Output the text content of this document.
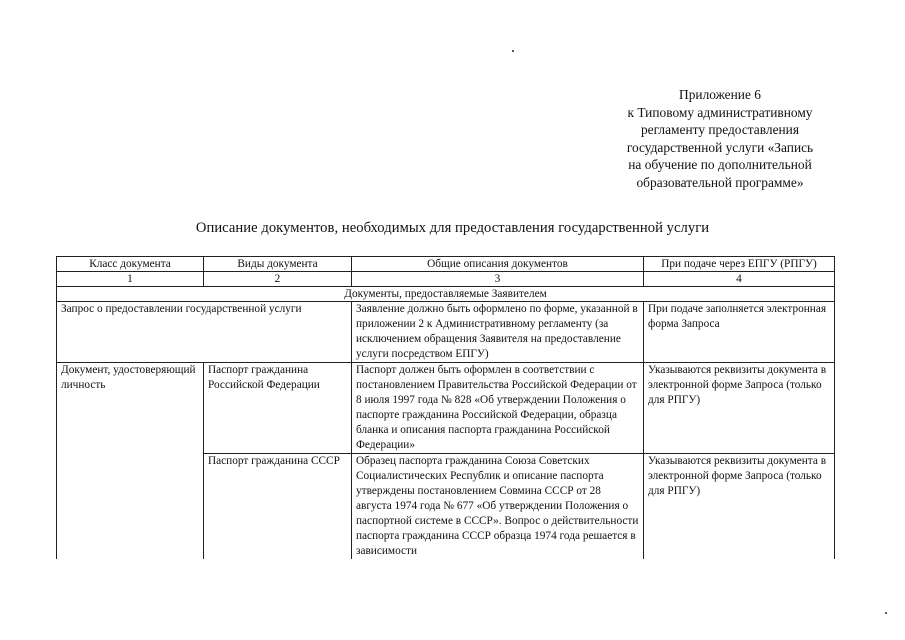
Приложение 6
к Типовому административному
регламенту предоставления
государственной услуги «Запись
на обучение по дополнительной
образовательной программе»
Описание документов, необходимых для предоставления государственной услуги
Класс документа	Виды документа	Общие описания документов	При подаче через ЕПГУ (РПГУ)
1	2	3	4
Документы, предоставляемые Заявителем			
Запрос о предоставлении государственной услуги		Заявление должно быть оформлено по форме, указанной в приложении 2 к Административному регламенту (за исключением обращения Заявителя на предоставление услуги посредством ЕПГУ)	При подаче заполняется электронная форма Запроса
Документ, удостоверяющий личность	Паспорт гражданина Российской Федерации	Паспорт должен быть оформлен в соответствии с постановлением Правительства Российской Федерации от 8 июля 1997 года № 828 «Об утверждении Положения о паспорте гражданина Российской Федерации, образца бланка и описания паспорта гражданина Российской Федерации»	Указываются реквизиты документа в электронной форме Запроса (только для РПГУ)
	Паспорт гражданина СССР	Образец паспорта гражданина Союза Советских Социалистических Республик и описание паспорта утверждены постановлением Совмина СССР от 28 августа 1974 года № 677 «Об утверждении Положения о паспортной системе в СССР». Вопрос о действительности паспорта гражданина СССР образца 1974 года решается в зависимости	Указываются реквизиты документа в электронной форме Запроса (только для РПГУ)
